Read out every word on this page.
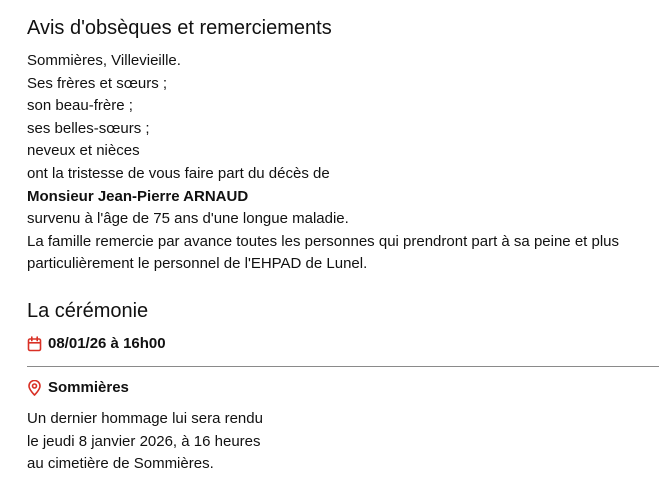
Avis d'obsèques et remerciements
Sommières, Villevieille.
Ses frères et sœurs ;
son beau-frère ;
ses belles-sœurs ;
neveux et nièces
ont la tristesse de vous faire part du décès de
Monsieur Jean-Pierre ARNAUD
survenu à l'âge de 75 ans d'une longue maladie.
La famille remercie par avance toutes les personnes qui prendront part à sa peine et plus particulièrement le personnel de l'EHPAD de Lunel.
La cérémonie
08/01/26 à 16h00
Sommières
Un dernier hommage lui sera rendu
le jeudi 8 janvier 2026, à 16 heures
au cimetière de Sommières.
